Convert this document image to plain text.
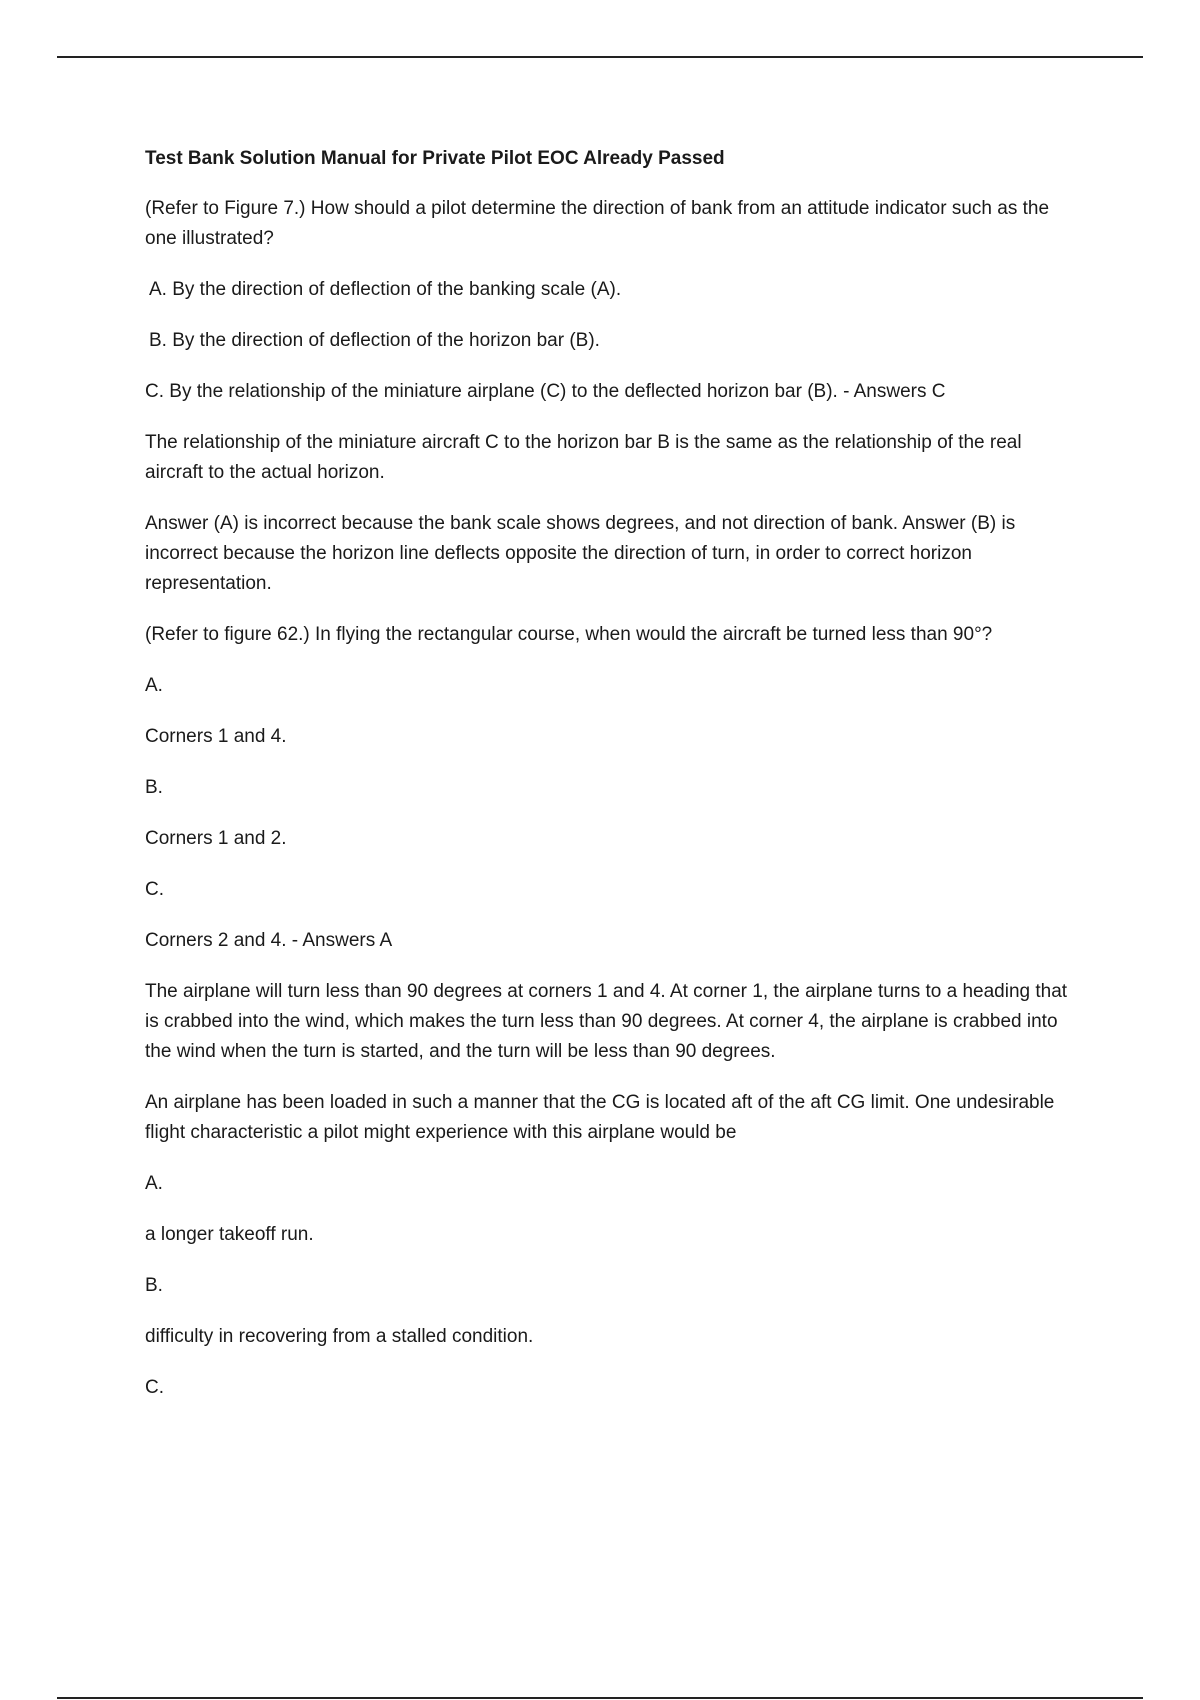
Test Bank Solution Manual for Private Pilot EOC Already Passed
(Refer to Figure 7.) How should a pilot determine the direction of bank from an attitude indicator such as the one illustrated?
A. By the direction of deflection of the banking scale (A).
B. By the direction of deflection of the horizon bar (B).
C. By the relationship of the miniature airplane (C) to the deflected horizon bar (B). - Answers C
The relationship of the miniature aircraft C to the horizon bar B is the same as the relationship of the real aircraft to the actual horizon.
Answer (A) is incorrect because the bank scale shows degrees, and not direction of bank. Answer (B) is incorrect because the horizon line deflects opposite the direction of turn, in order to correct horizon representation.
(Refer to figure 62.) In flying the rectangular course, when would the aircraft be turned less than 90°?
A.
Corners 1 and 4.
B.
Corners 1 and 2.
C.
Corners 2 and 4. - Answers A
The airplane will turn less than 90 degrees at corners 1 and 4. At corner 1, the airplane turns to a heading that is crabbed into the wind, which makes the turn less than 90 degrees. At corner 4, the airplane is crabbed into the wind when the turn is started, and the turn will be less than 90 degrees.
An airplane has been loaded in such a manner that the CG is located aft of the aft CG limit. One undesirable flight characteristic a pilot might experience with this airplane would be
A.
a longer takeoff run.
B.
difficulty in recovering from a stalled condition.
C.
